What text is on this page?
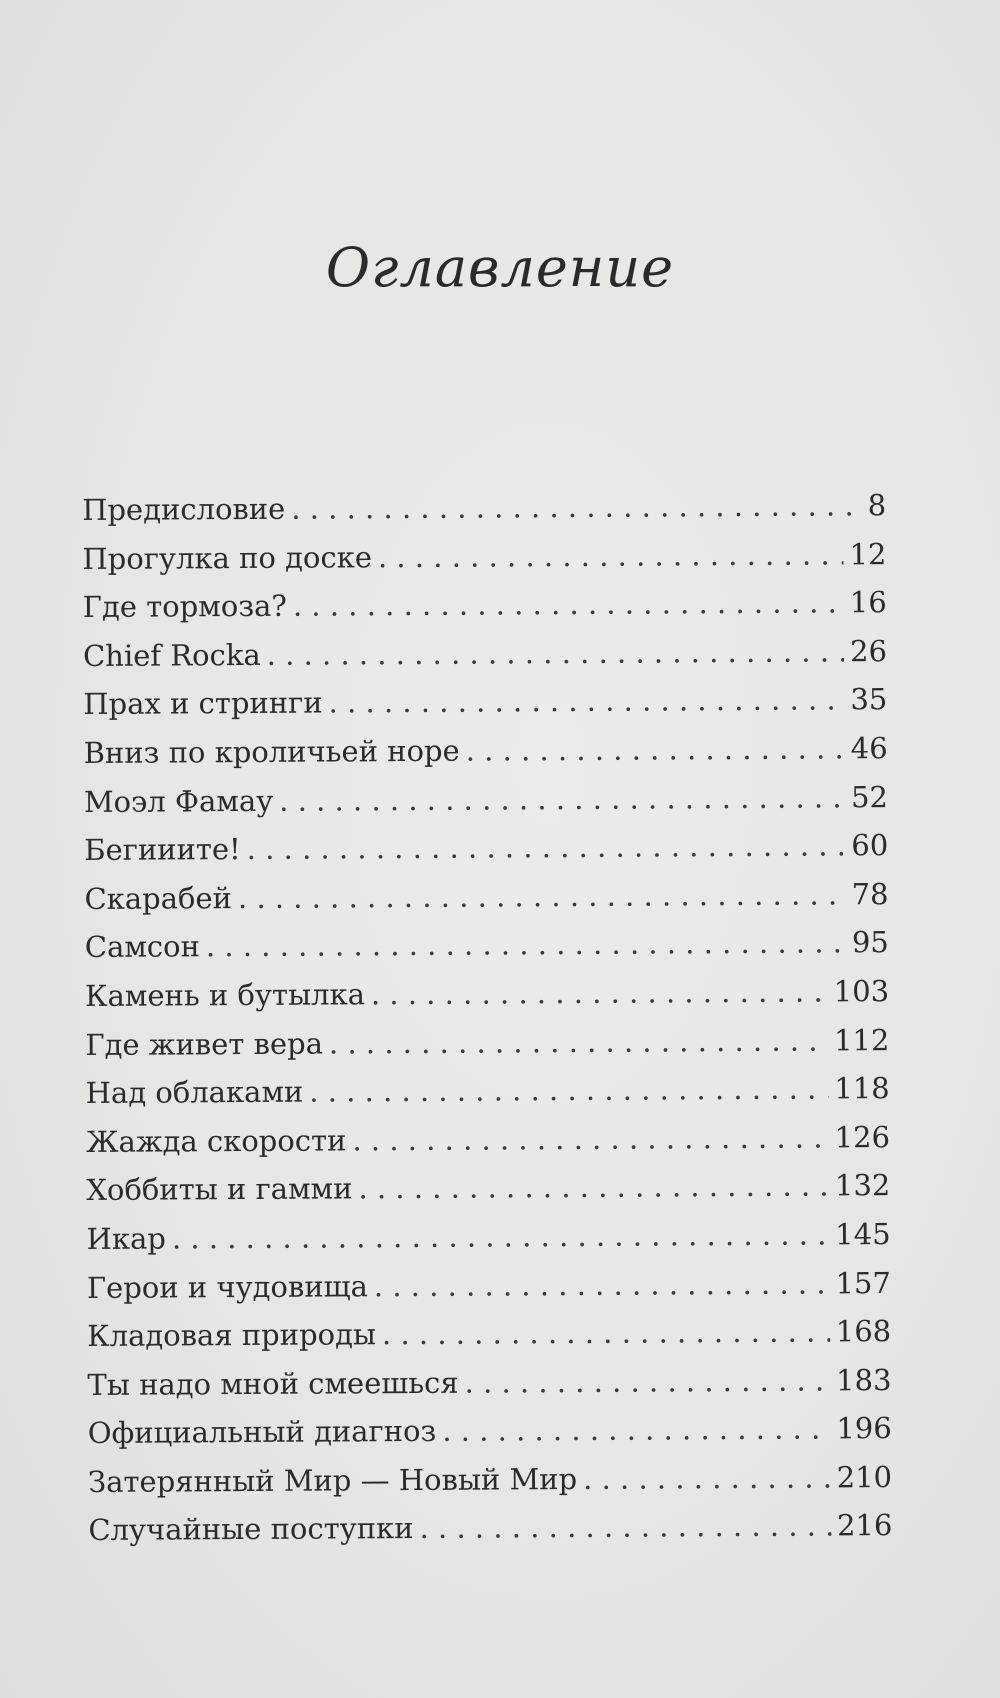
Оглавление
Предисловие . . .	8
Прогулка по доске . . .	12
Где тормоза? . . .	16
Chief Rocka . . .	26
Прах и стринги . . .	35
Вниз по кроличьей норе . . .	46
Моэл Фамау . . .	52
Бегииите! . . .	60
Скарабей . . .	78
Самсон . . .	95
Камень и бутылка . . .	103
Где живет вера . . .	112
Над облаками . . .	118
Жажда скорости . . .	126
Хоббиты и гамми . . .	132
Икар . . .	145
Герои и чудовища . . .	157
Кладовая природы . . .	168
Ты надо мной смеешься . . .	183
Официальный диагноз . . .	196
Затерянный Мир — Новый Мир . . .	210
Случайные поступки . . .	216
